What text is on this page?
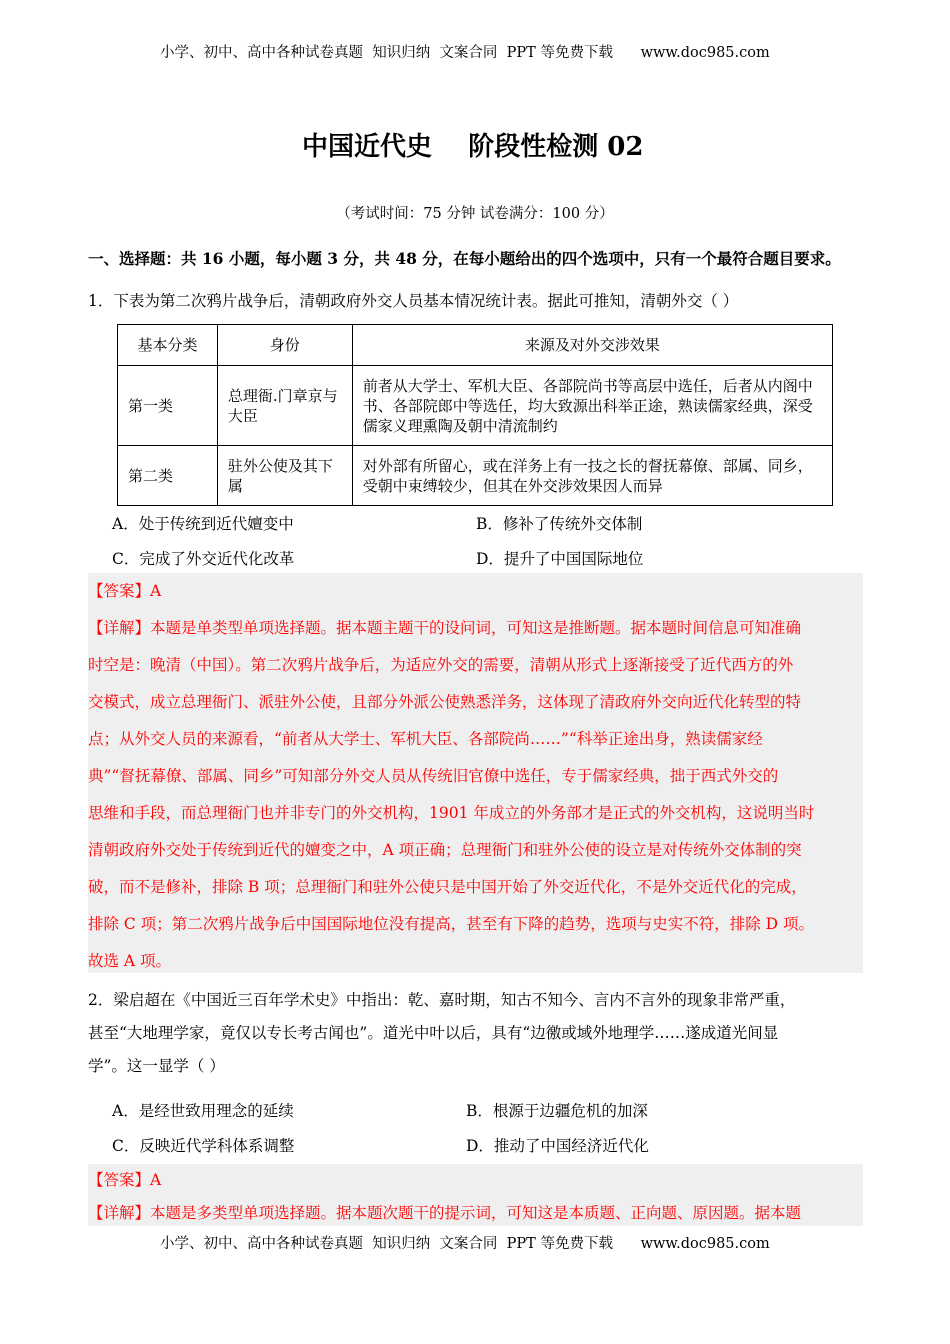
小学、初中、高中各种试卷真题  知识归纳  文案合同  PPT 等免费下载      www.doc985.com
中国近代史    阶段性检测 02
（考试时间：75 分钟 试卷满分：100 分）
一、选择题：共 16 小题，每小题 3 分，共 48 分，在每小题给出的四个选项中，只有一个最符合题目要求。
1．下表为第二次鸦片战争后，清朝政府外交人员基本情况统计表。据此可推知，清朝外交（ ）
基本分类	身份	来源及对外交涉效果
第一类	总理衙.门章京与大臣	前者从大学士、军机大臣、各部院尚书等高层中选任，后者从内阁中书、各部院郎中等选任，均大致源出科举正途，熟读儒家经典，深受儒家义理熏陶及朝中清流制约
第二类	驻外公使及其下属	对外部有所留心，或在洋务上有一技之长的督抚幕僚、部属、同乡，受朝中束缚较少，但其在外交涉效果因人而异
A．处于传统到近代嬗变中	B．修补了传统外交体制
C．完成了外交近代化改革	D．提升了中国国际地位
【答案】A
【详解】本题是单类型单项选择题。据本题主题干的设问词，可知这是推断题。据本题时间信息可知准确
时空是：晚清（中国）。第二次鸦片战争后，为适应外交的需要，清朝从形式上逐渐接受了近代西方的外
交模式，成立总理衙门、派驻外公使，且部分外派公使熟悉洋务，这体现了清政府外交向近代化转型的特
点；从外交人员的来源看，“前者从大学士、军机大臣、各部院尚……”“科举正途出身，熟读儒家经
典”“督抚幕僚、部属、同乡”可知部分外交人员从传统旧官僚中选任，专于儒家经典，拙于西式外交的
思维和手段，而总理衙门也并非专门的外交机构，1901 年成立的外务部才是正式的外交机构，这说明当时
清朝政府外交处于传统到近代的嬗变之中，A 项正确；总理衙门和驻外公使的设立是对传统外交体制的突
破，而不是修补，排除 B 项；总理衙门和驻外公使只是中国开始了外交近代化，不是外交近代化的完成，
排除 C 项；第二次鸦片战争后中国国际地位没有提高，甚至有下降的趋势，选项与史实不符，排除 D 项。
故选 A 项。
2．梁启超在《中国近三百年学术史》中指出：乾、嘉时期，知古不知今、言内不言外的现象非常严重，
甚至“大地理学家，竟仅以专长考古闻也”。道光中叶以后，具有“边徼或域外地理学……遂成道光间显
学”。这一显学（ ）
A．是经世致用理念的延续	B．根源于边疆危机的加深
C．反映近代学科体系调整	D．推动了中国经济近代化
【答案】A
【详解】本题是多类型单项选择题。据本题次题干的提示词，可知这是本质题、正向题、原因题。据本题
小学、初中、高中各种试卷真题  知识归纳  文案合同  PPT 等免费下载      www.doc985.com
